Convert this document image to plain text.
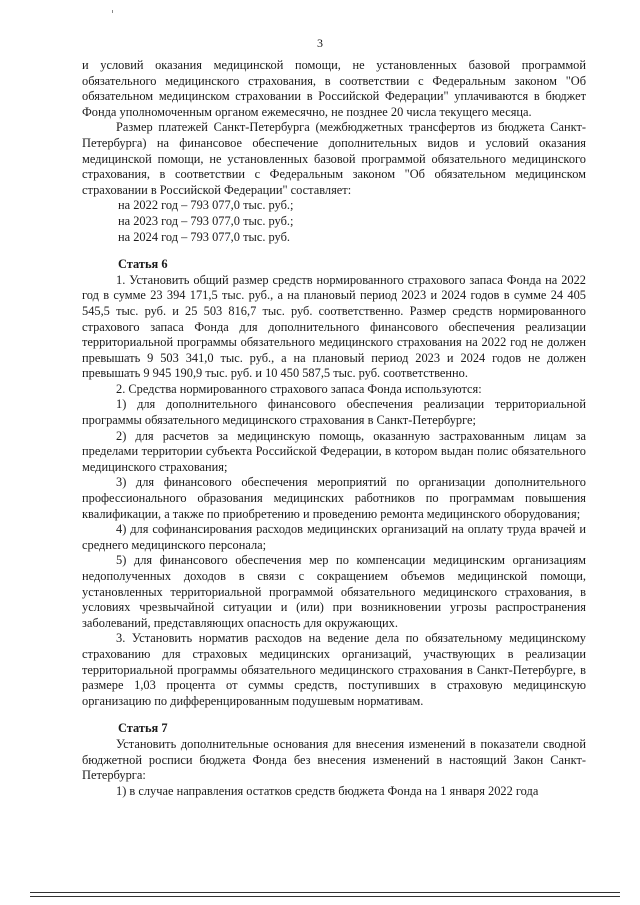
3

и условий оказания медицинской помощи, не установленных базовой программой обязательного медицинского страхования, в соответствии с Федеральным законом "Об обязательном медицинском страховании в Российской Федерации" уплачиваются в бюджет Фонда уполномоченным органом ежемесячно, не позднее 20 числа текущего месяца.

Размер платежей Санкт-Петербурга (межбюджетных трансфертов из бюджета Санкт-Петербурга) на финансовое обеспечение дополнительных видов и условий оказания медицинской помощи, не установленных базовой программой обязательного медицинского страхования, в соответствии с Федеральным законом "Об обязательном медицинском страховании в Российской Федерации" составляет:

на 2022 год – 793 077,0 тыс. руб.;

на 2023 год – 793 077,0 тыс. руб.;

на 2024 год – 793 077,0 тыс. руб.

Статья 6

1. Установить общий размер средств нормированного страхового запаса Фонда на 2022 год в сумме 23 394 171,5 тыс. руб., а на плановый период 2023 и 2024 годов в сумме 24 405 545,5 тыс. руб. и 25 503 816,7 тыс. руб. соответственно. Размер средств нормированного страхового запаса Фонда для дополнительного финансового обеспечения реализации территориальной программы обязательного медицинского страхования на 2022 год не должен превышать 9 503 341,0 тыс. руб., а на плановый период 2023 и 2024 годов не должен превышать 9 945 190,9 тыс. руб. и 10 450 587,5 тыс. руб. соответственно.

2. Средства нормированного страхового запаса Фонда используются:

1) для дополнительного финансового обеспечения реализации территориальной программы обязательного медицинского страхования в Санкт-Петербурге;

2) для расчетов за медицинскую помощь, оказанную застрахованным лицам за пределами территории субъекта Российской Федерации, в котором выдан полис обязательного медицинского страхования;

3) для финансового обеспечения мероприятий по организации дополнительного профессионального образования медицинских работников по программам повышения квалификации, а также по приобретению и проведению ремонта медицинского оборудования;

4) для софинансирования расходов медицинских организаций на оплату труда врачей и среднего медицинского персонала;

5) для финансового обеспечения мер по компенсации медицинским организациям недополученных доходов в связи с сокращением объемов медицинской помощи, установленных территориальной программой обязательного медицинского страхования, в условиях чрезвычайной ситуации и (или) при возникновении угрозы распространения заболеваний, представляющих опасность для окружающих.

3. Установить норматив расходов на ведение дела по обязательному медицинскому страхованию для страховых медицинских организаций, участвующих в реализации территориальной программы обязательного медицинского страхования в Санкт-Петербурге, в размере 1,03 процента от суммы средств, поступивших в страховую медицинскую организацию по дифференцированным подушевым нормативам.

Статья 7

Установить дополнительные основания для внесения изменений в показатели сводной бюджетной росписи бюджета Фонда без внесения изменений в настоящий Закон Санкт-Петербурга:

1) в случае направления остатков средств бюджета Фонда на 1 января 2022 года
